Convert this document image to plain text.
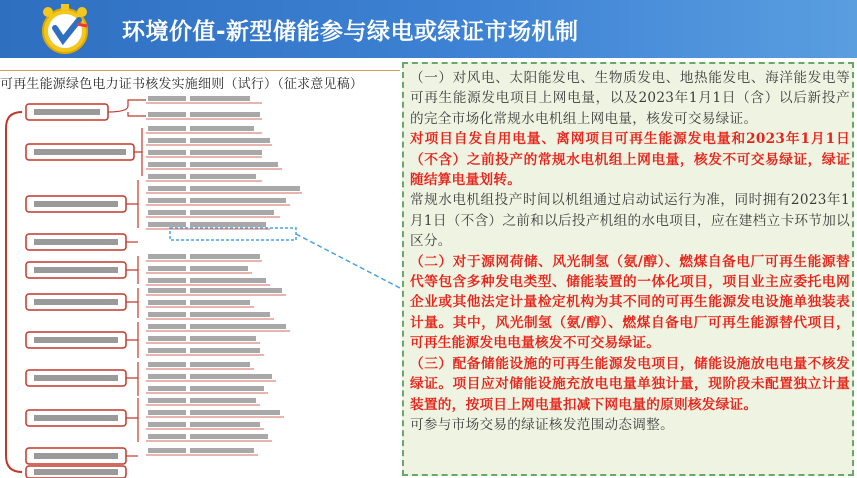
环境价值-新型储能参与绿电或绿证市场机制
可再生能源绿色电力证书核发实施细则（试行）（征求意见稿）	（一）对风电、太阳能发电、生物质发电、地热能发电、海洋能发电等可再生能源发电项目上网电量，以及2023年1月1日（含）以后新投产的完全市场化常规水电机组上网电量，核发可交易绿证。

对项目自发自用电量、离网项目可再生能源发电量和2023年1月1日（不含）之前投产的常规水电机组上网电量，核发不可交易绿证，绿证随结算电量划转。

常规水电机组投产时间以机组通过启动试运行为准，同时拥有2023年1月1日（不含）之前和以后投产机组的水电项目，应在建档立卡环节加以区分。

（二）对于源网荷储、风光制氢（氨/醇）、燃煤自备电厂可再生能源替代等包含多种发电类型、储能装置的一体化项目，项目业主应委托电网企业或其他法定计量检定机构为其不同的可再生能源发电设施单独装表计量。其中，风光制氢（氨/醇）、燃煤自备电厂可再生能源替代项目，可再生能源发电电量核发不可交易绿证。

（三）配备储能设施的可再生能源发电项目，储能设施放电电量不核发绿证。项目应对储能设施充放电电量单独计量，现阶段未配置独立计量装置的，按项目上网电量扣减下网电量的原则核发绿证。

可参与市场交易的绿证核发范围动态调整。
